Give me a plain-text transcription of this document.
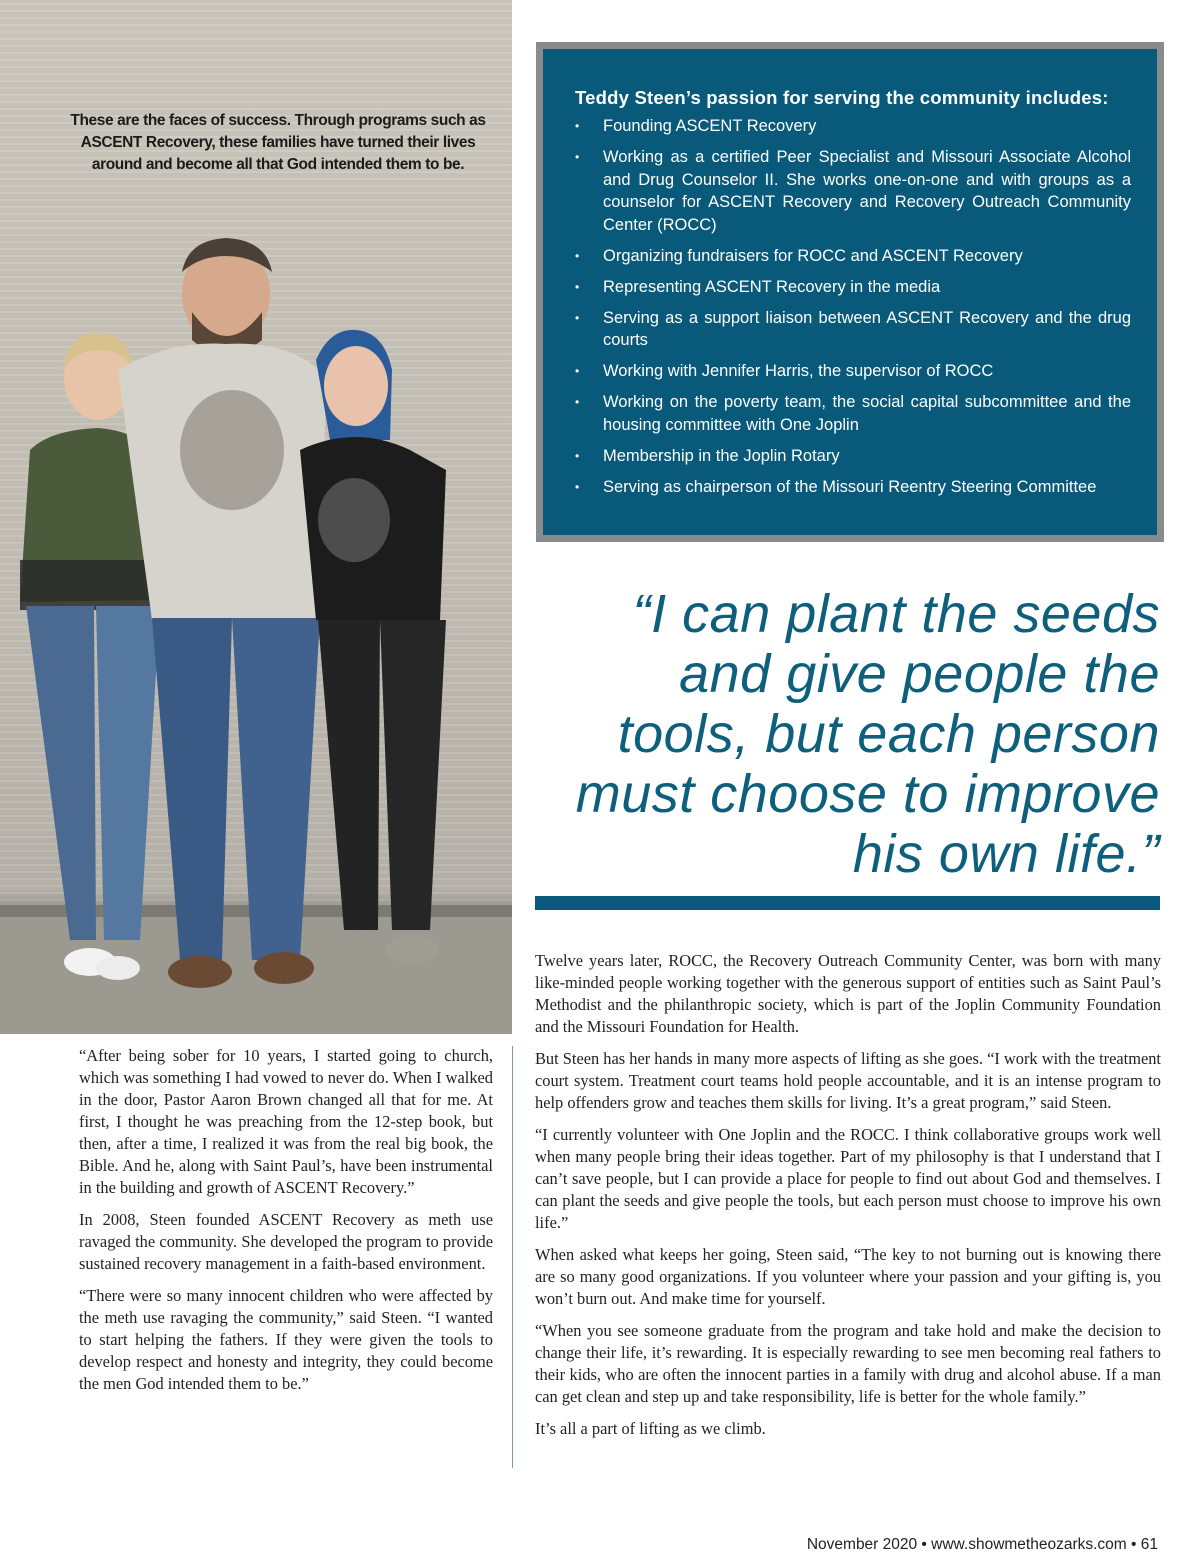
These are the faces of success. Through programs such as ASCENT Recovery, these families have turned their lives around and become all that God intended them to be.
Teddy Steen’s passion for serving the community includes:
• Founding ASCENT Recovery
• Working as a certified Peer Specialist and Missouri Associate Alcohol and Drug Counselor II. She works one-on-one and with groups as a counselor for ASCENT Recovery and Recovery Outreach Community Center (ROCC)
• Organizing fundraisers for ROCC and ASCENT Recovery
• Representing ASCENT Recovery in the media
• Serving as a support liaison between ASCENT Recovery and the drug courts
• Working with Jennifer Harris, the supervisor of ROCC
• Working on the poverty team, the social capital subcommittee and the housing committee with One Joplin
• Membership in the Joplin Rotary
• Serving as chairperson of the Missouri Reentry Steering Committee
“I can plant the seeds
and give people the
tools, but each person
must choose to improve
his own life.”

“After being sober for 10 years, I started going to church, which was something I had vowed to never do. When I walked in the door, Pastor Aaron Brown changed all that for me. At first, I thought he was preaching from the 12-step book, but then, after a time, I realized it was from the real big book, the Bible. And he, along with Saint Paul’s, have been instrumental in the building and growth of ASCENT Recovery.”

In 2008, Steen founded ASCENT Recovery as meth use ravaged the community. She developed the program to provide sustained recovery management in a faith-based environment.

“There were so many innocent children who were affected by the meth use ravaging the community,” said Steen. “I wanted to start helping the fathers. If they were given the tools to develop respect and honesty and integrity, they could become the men God intended them to be.”

Twelve years later, ROCC, the Recovery Outreach Community Center, was born with many like-minded people working together with the generous support of entities such as Saint Paul’s Methodist and the philanthropic society, which is part of the Joplin Community Foundation and the Missouri Foundation for Health.

But Steen has her hands in many more aspects of lifting as she goes. “I work with the treatment court system. Treatment court teams hold people accountable, and it is an intense program to help offenders grow and teaches them skills for living. It’s a great program,” said Steen.

“I currently volunteer with One Joplin and the ROCC. I think collaborative groups work well when many people bring their ideas together. Part of my philosophy is that I understand that I can’t save people, but I can provide a place for people to find out about God and themselves. I can plant the seeds and give people the tools, but each person must choose to improve his own life.”

When asked what keeps her going, Steen said, “The key to not burning out is knowing there are so many good organizations. If you volunteer where your passion and your gifting is, you won’t burn out. And make time for yourself.

“When you see someone graduate from the program and take hold and make the decision to change their life, it’s rewarding. It is especially rewarding to see men becoming real fathers to their kids, who are often the innocent parties in a family with drug and alcohol abuse. If a man can get clean and step up and take responsibility, life is better for the whole family.”

It’s all a part of lifting as we climb.

November 2020 • www.showmetheozarks.com • 61
